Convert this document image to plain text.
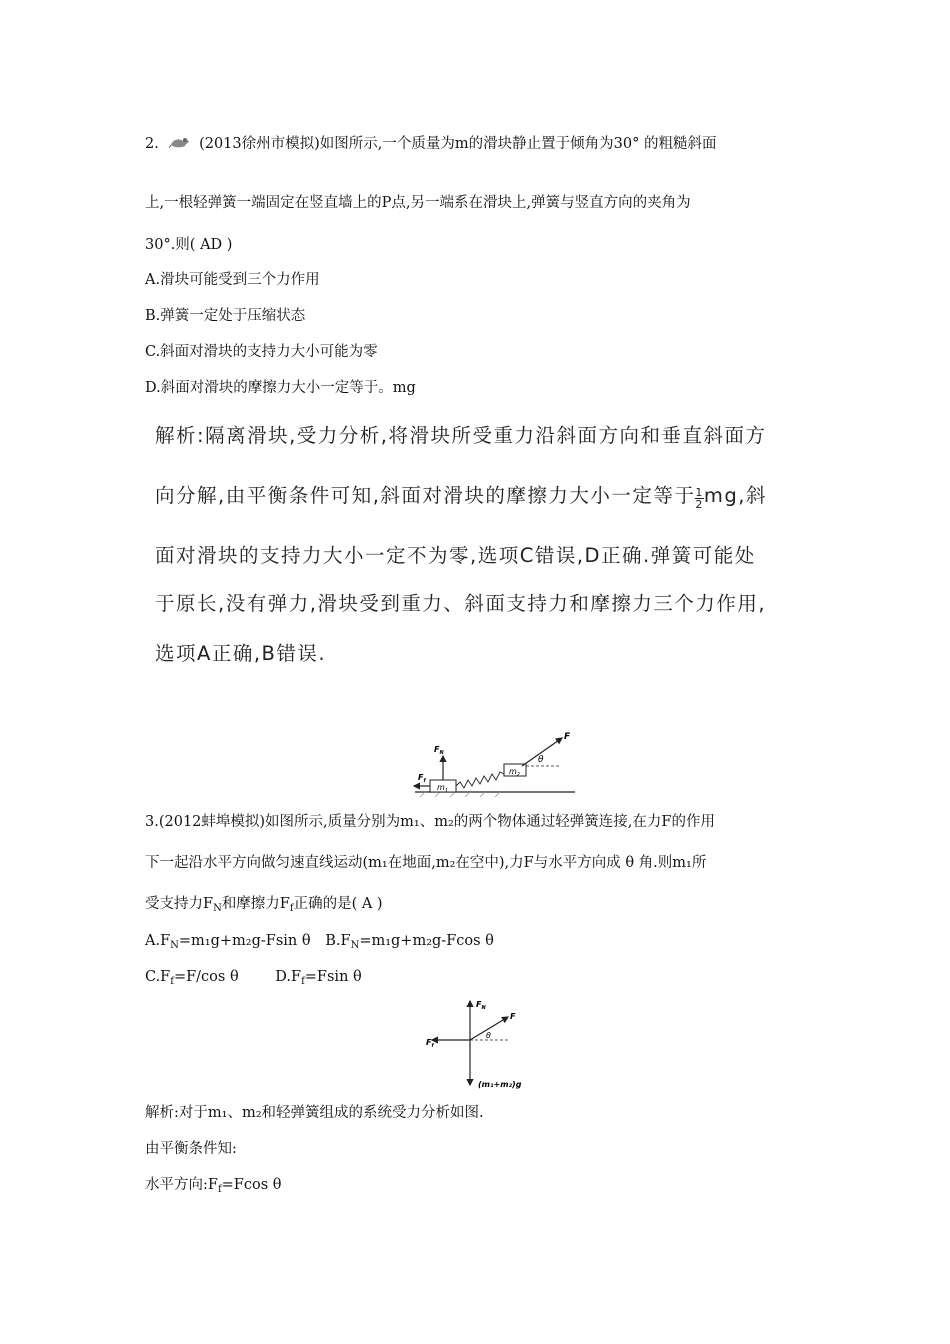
2.	(2013徐州市模拟)如图所示,一个质量为m的滑块静止置于倾角为30° 的粗糙斜面
上,一根轻弹簧一端固定在竖直墙上的P点,另一端系在滑块上,弹簧与竖直方向的夹角为
30°.则( AD )
A.滑块可能受到三个力作用
B.弹簧一定处于压缩状态
C.斜面对滑块的支持力大小可能为零
D.斜面对滑块的摩擦力大小一定等于。mg
解析:隔离滑块,受力分析,将滑块所受重力沿斜面方向和垂直斜面方
向分解,由平衡条件可知,斜面对滑块的摩擦力大小一定等于 $\frac{1}{2}$ mg,斜
面对滑块的支持力大小一定不为零,选项C错误,D正确.弹簧可能处
于原长,没有弹力,滑块受到重力、斜面支持力和摩擦力三个力作用,
选项A正确,B错误.
$m_1$
$m_2$
F
θ
$F_N$
$F_f$
3.(2012蚌埠模拟)如图所示,质量分别为m₁、m₂的两个物体通过轻弹簧连接,在力F的作用
下一起沿水平方向做匀速直线运动(m₁在地面,m₂在空中),力F与水平方向成 θ 角.则m₁所
受支持力$F_N$和摩擦力$F_f$正确的是( A )
$A.F_N=m_1g+m_2g$-Fsin θ $B.F_N=m_1g+m_2g$-Fcos θ
$C.F_f=F/\cos$ θ	$D.F_f=Fsin$ θ
$F_N$
(m₁+m₂)g
$F_f$
F
θ
解析:对于m₁、m₂和轻弹簧组成的系统受力分析如图.
由平衡条件知:
水平方向$:F_f=Fcos$ θ
